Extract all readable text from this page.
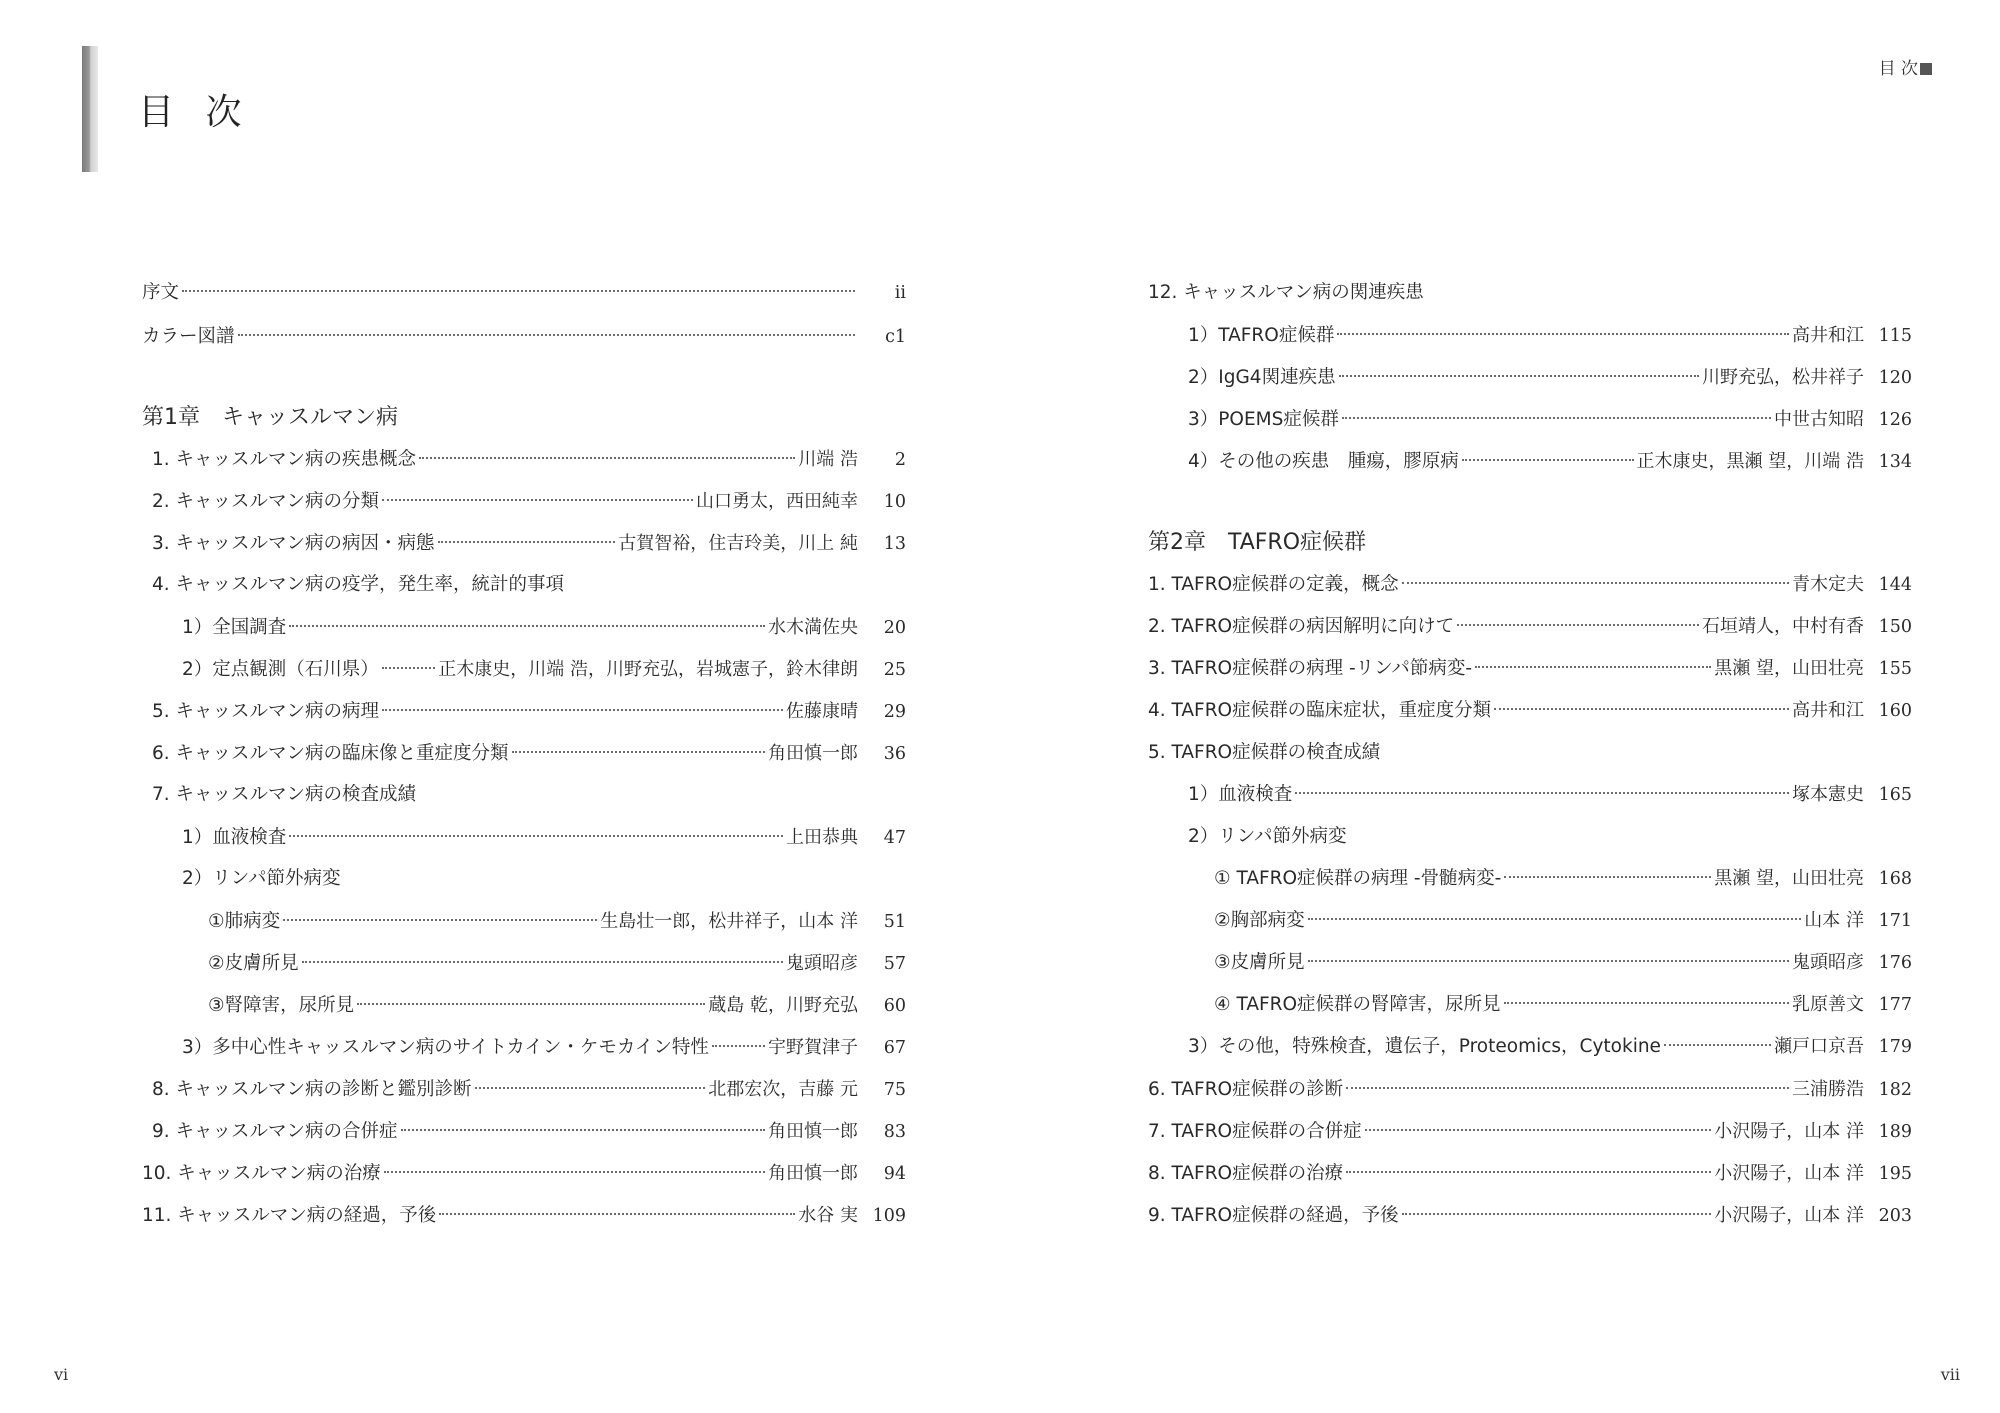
目 次
目 次
序文	ii
カラー図譜	c1
第1章　キャッスルマン病
1. キャッスルマン病の疾患概念	川端 浩	2
2. キャッスルマン病の分類	山口勇太，西田純幸	10
3. キャッスルマン病の病因・病態	古賀智裕，住吉玲美，川上 純	13
4. キャッスルマン病の疫学，発生率，統計的事項
1）全国調査	水木満佐央	20
2）定点観測（石川県）	正木康史，川端 浩，川野充弘，岩城憲子，鈴木律朗	25
5. キャッスルマン病の病理	佐藤康晴	29
6. キャッスルマン病の臨床像と重症度分類	角田慎一郎	36
7. キャッスルマン病の検査成績
1）血液検査	上田恭典	47
2）リンパ節外病変
①肺病変	生島壮一郎，松井祥子，山本 洋	51
②皮膚所見	鬼頭昭彦	57
③腎障害，尿所見	蔵島 乾，川野充弘	60
3）多中心性キャッスルマン病のサイトカイン・ケモカイン特性	宇野賀津子	67
8. キャッスルマン病の診断と鑑別診断	北郡宏次，吉藤 元	75
9. キャッスルマン病の合併症	角田慎一郎	83
10. キャッスルマン病の治療	角田慎一郎	94
11. キャッスルマン病の経過，予後	水谷 実 109
12. キャッスルマン病の関連疾患
1）TAFRO症候群	高井和江 115
2）IgG4関連疾患	川野充弘，松井祥子 120
3）POEMS症候群	中世古知昭 126
4）その他の疾患　腫瘍，膠原病	正木康史，黒瀬 望，川端 浩 134
第2章　TAFRO症候群
1. TAFRO症候群の定義，概念	青木定夫 144
2. TAFRO症候群の病因解明に向けて	石垣靖人，中村有香 150
3. TAFRO症候群の病理 -リンパ節病変-	黒瀬 望，山田壮亮 155
4. TAFRO症候群の臨床症状，重症度分類	高井和江 160
5. TAFRO症候群の検査成績
1）血液検査	塚本憲史 165
2）リンパ節外病変
① TAFRO症候群の病理 -骨髄病変-	黒瀬 望，山田壮亮 168
②胸部病変	山本 洋 171
③皮膚所見	鬼頭昭彦 176
④ TAFRO症候群の腎障害，尿所見	乳原善文 177
3）その他，特殊検査，遺伝子，Proteomics，Cytokine	瀬戸口京吾 179
6. TAFRO症候群の診断	三浦勝浩 182
7. TAFRO症候群の合併症	小沢陽子，山本 洋 189
8. TAFRO症候群の治療	小沢陽子，山本 洋 195
9. TAFRO症候群の経過，予後	小沢陽子，山本 洋 203
vi	vii
